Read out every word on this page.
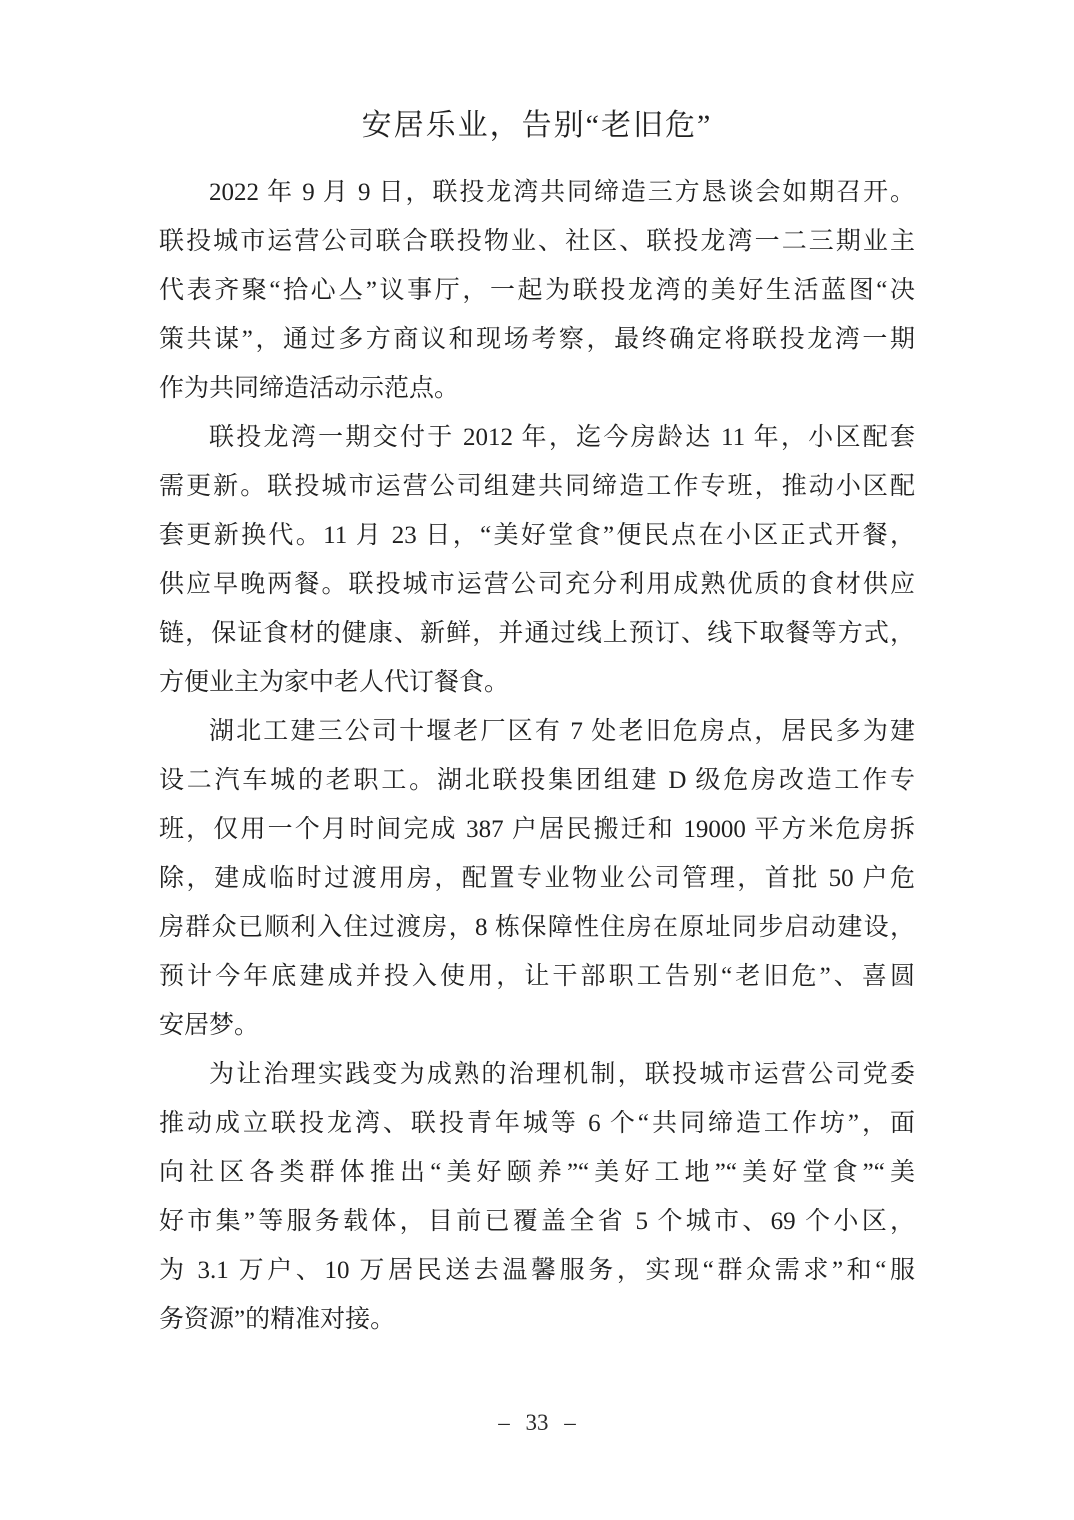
安居乐业，告别“老旧危”
2022 年 9 月 9 日，联投龙湾共同缔造三方恳谈会如期召开。
联投城市运营公司联合联投物业、社区、联投龙湾一二三期业主
代表齐聚“拾心亼”议事厅，一起为联投龙湾的美好生活蓝图“决
策共谋”，通过多方商议和现场考察，最终确定将联投龙湾一期
作为共同缔造活动示范点。
联投龙湾一期交付于 2012 年，迄今房龄达 11 年，小区配套
需更新。联投城市运营公司组建共同缔造工作专班，推动小区配
套更新换代。11 月 23 日，“美好堂食”便民点在小区正式开餐，
供应早晚两餐。联投城市运营公司充分利用成熟优质的食材供应
链，保证食材的健康、新鲜，并通过线上预订、线下取餐等方式，
方便业主为家中老人代订餐食。
湖北工建三公司十堰老厂区有 7 处老旧危房点，居民多为建
设二汽车城的老职工。湖北联投集团组建 D 级危房改造工作专
班，仅用一个月时间完成 387 户居民搬迁和 19000 平方米危房拆
除，建成临时过渡用房，配置专业物业公司管理，首批 50 户危
房群众已顺利入住过渡房，8 栋保障性住房在原址同步启动建设，
预计今年底建成并投入使用，让干部职工告别“老旧危”、喜圆
安居梦。
为让治理实践变为成熟的治理机制，联投城市运营公司党委
推动成立联投龙湾、联投青年城等 6 个“共同缔造工作坊”，面
向社区各类群体推出“美好颐养”“美好工地”“美好堂食”“美
好市集”等服务载体，目前已覆盖全省 5 个城市、69 个小区，
为 3.1 万户、10 万居民送去温馨服务，实现“群众需求”和“服
务资源”的精准对接。
– 33 –
